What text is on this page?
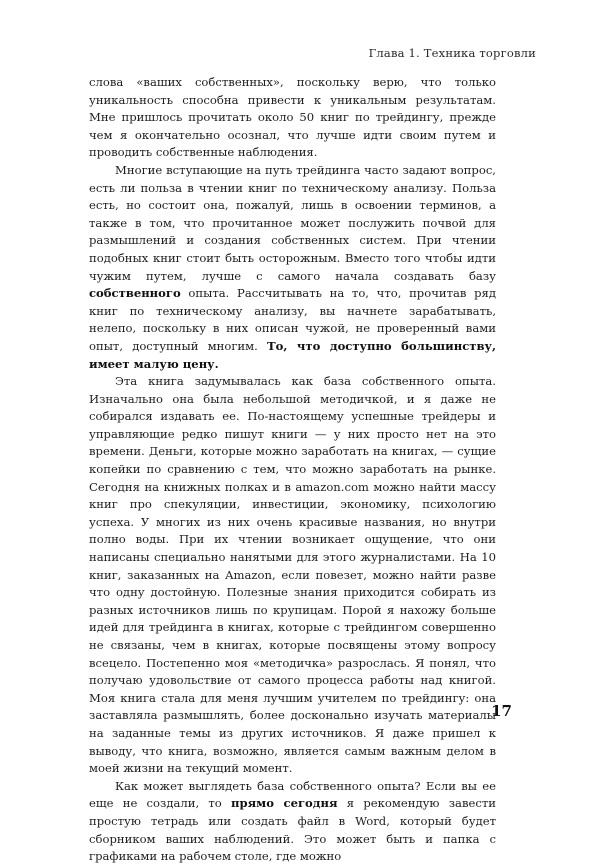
Глава 1. Техника торговли

слова «ваших собственных», поскольку верю, что только уникальность способна привести к уникальным результатам. Мне пришлось прочитать около 50 книг по трейдингу, прежде чем я окончательно осознал, что лучше идти своим путем и проводить собственные наблюдения.

Многие вступающие на путь трейдинга часто задают вопрос, есть ли польза в чтении книг по техническому анализу. Польза есть, но состоит она, пожалуй, лишь в освоении терминов, а также в том, что прочитанное может послужить почвой для размышлений и создания собственных систем. При чтении подобных книг стоит быть осторожным. Вместо того чтобы идти чужим путем, лучше с самого начала создавать базу собственного опыта. Рассчитывать на то, что, прочитав ряд книг по техническому анализу, вы начнете зарабатывать, нелепо, поскольку в них описан чужой, не проверенный вами опыт, доступный многим. То, что доступно большинству, имеет малую цену.

Эта книга задумывалась как база собственного опыта. Изначально она была небольшой методичкой, и я даже не собирался издавать ее. По-настоящему успешные трейдеры и управляющие редко пишут книги — у них просто нет на это времени. Деньги, которые можно заработать на книгах, — сущие копейки по сравнению с тем, что можно заработать на рынке. Сегодня на книжных полках и в amazon.com можно найти массу книг про спекуляции, инвестиции, экономику, психологию успеха. У многих из них очень красивые названия, но внутри полно воды. При их чтении возникает ощущение, что они написаны специально нанятыми для этого журналистами. На 10 книг, заказанных на Amazon, если повезет, можно найти разве что одну достойную. Полезные знания приходится собирать из разных источников лишь по крупицам. Порой я нахожу больше идей для трейдинга в книгах, которые с трейдингом совершенно не связаны, чем в книгах, которые посвящены этому вопросу всецело. Постепенно моя «методичка» разрослась. Я понял, что получаю удовольствие от самого процесса работы над книгой. Моя книга стала для меня лучшим учителем по трейдингу: она заставляла размышлять, более досконально изучать материалы на заданные темы из других источников. Я даже пришел к выводу, что книга, возможно, является самым важным делом в моей жизни на текущий момент.

Как может выглядеть база собственного опыта? Если вы ее еще не создали, то прямо сегодня я рекомендую завести простую тетрадь или создать файл в Word, который будет сборником ваших наблюдений. Это может быть и папка с графиками на рабочем столе, где можно

17
